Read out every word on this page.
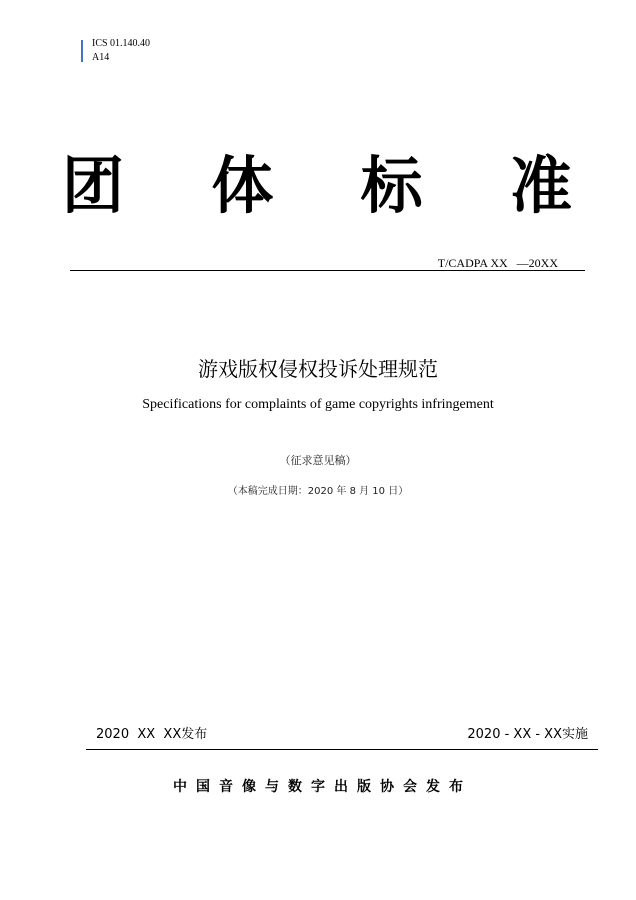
ICS 01.140.40
A14
团 体 标 准
T/CADPA XX   —20XX
游戏版权侵权投诉处理规范
Specifications for complaints of game copyrights infringement
（征求意见稿）
（本稿完成日期：2020 年 8 月 10 日）
2020  XX  XX发布	2020 - XX - XX实施
中国音像与数字出版协会发布
